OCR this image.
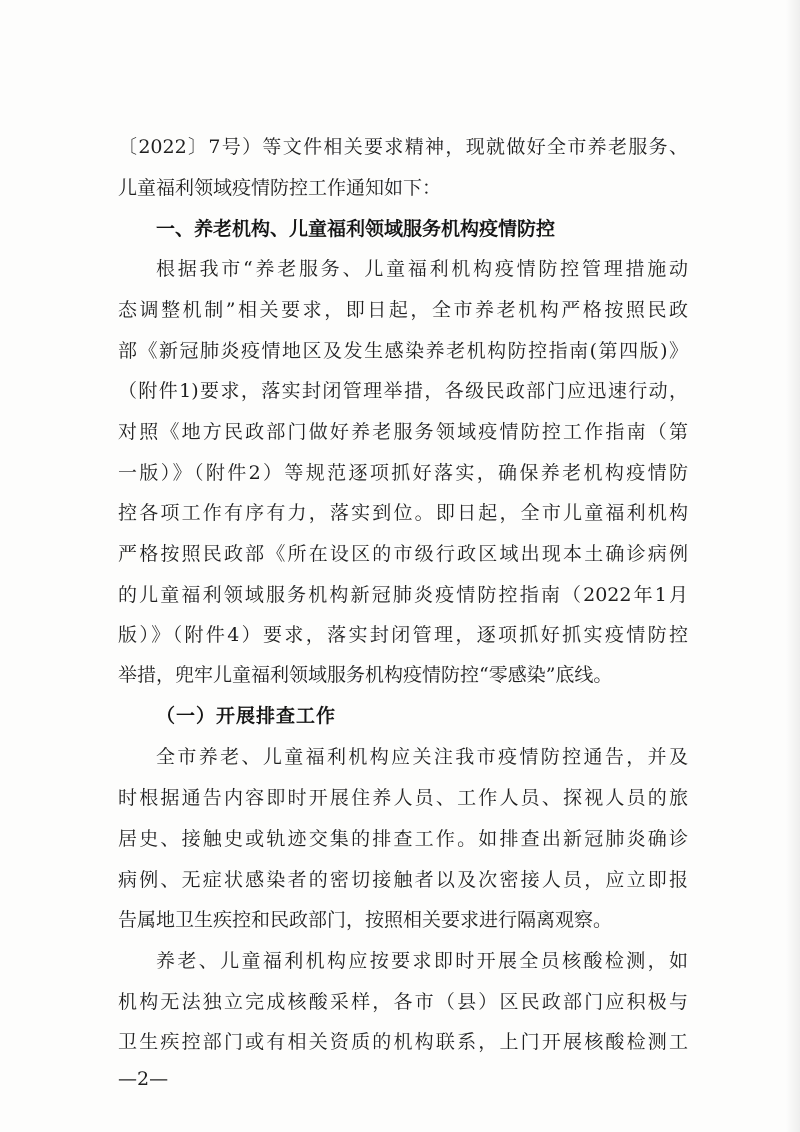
〔2022〕7号）等文件相关要求精神，现就做好全市养老服务、

儿童福利领域疫情防控工作通知如下：

一、养老机构、儿童福利领域服务机构疫情防控

根据我市“养老服务、儿童福利机构疫情防控管理措施动

态调整机制”相关要求，即日起，全市养老机构严格按照民政

部《新冠肺炎疫情地区及发生感染养老机构防控指南(第四版)》

（附件1)要求，落实封闭管理举措，各级民政部门应迅速行动，

对照《地方民政部门做好养老服务领域疫情防控工作指南（第

一版）》（附件2）等规范逐项抓好落实，确保养老机构疫情防

控各项工作有序有力，落实到位。即日起，全市儿童福利机构

严格按照民政部《所在设区的市级行政区域出现本土确诊病例

的儿童福利领域服务机构新冠肺炎疫情防控指南（2022年1月

版）》（附件4）要求，落实封闭管理，逐项抓好抓实疫情防控

举措，兜牢儿童福利领域服务机构疫情防控“零感染”底线。

（一）开展排查工作

全市养老、儿童福利机构应关注我市疫情防控通告，并及

时根据通告内容即时开展住养人员、工作人员、探视人员的旅

居史、接触史或轨迹交集的排查工作。如排查出新冠肺炎确诊

病例、无症状感染者的密切接触者以及次密接人员，应立即报

告属地卫生疾控和民政部门，按照相关要求进行隔离观察。

养老、儿童福利机构应按要求即时开展全员核酸检测，如

机构无法独立完成核酸采样，各市（县）区民政部门应积极与

卫生疾控部门或有相关资质的机构联系，上门开展核酸检测工

—2—
